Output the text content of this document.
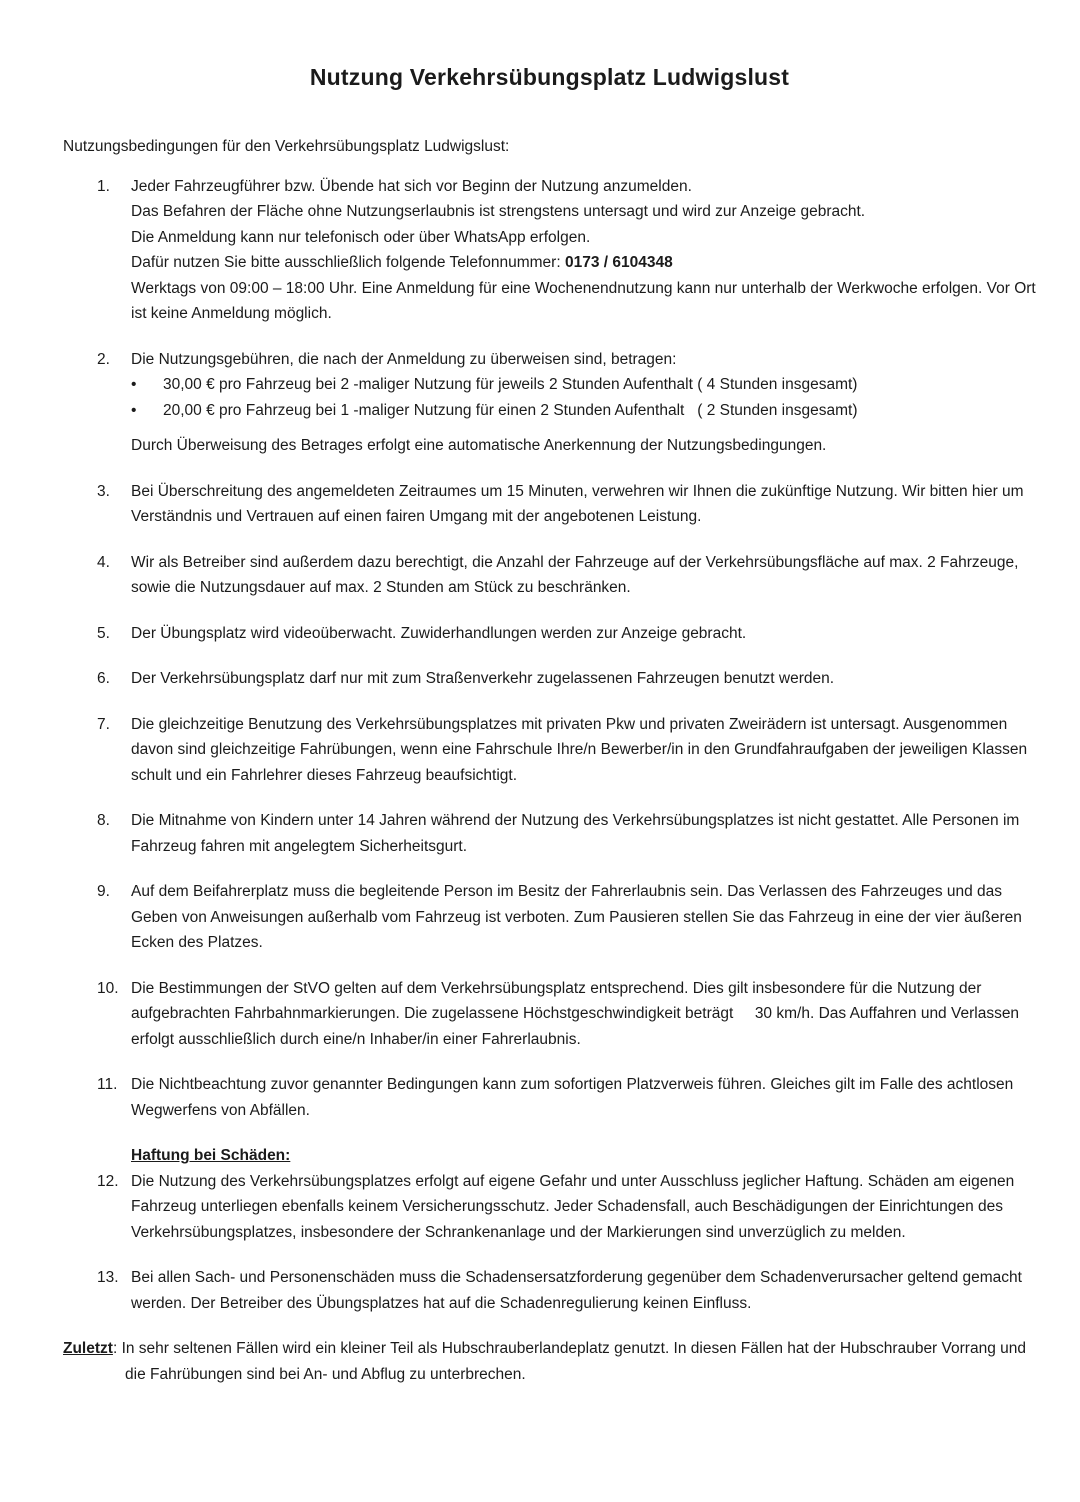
Nutzung Verkehrsübungsplatz Ludwigslust

Nutzungsbedingungen für den Verkehrsübungsplatz Ludwigslust:

1.	Jeder Fahrzeugführer bzw. Übende hat sich vor Beginn der Nutzung anzumelden.
Das Befahren der Fläche ohne Nutzungserlaubnis ist strengstens untersagt und wird zur Anzeige gebracht.
Die Anmeldung kann nur telefonisch oder über WhatsApp erfolgen.
Dafür nutzen Sie bitte ausschließlich folgende Telefonnummer: 0173 / 6104348
Werktags von 09:00 – 18:00 Uhr. Eine Anmeldung für eine Wochenendnutzung kann nur unterhalb der Werkwoche erfolgen. Vor Ort ist keine Anmeldung möglich.
2.	Die Nutzungsgebühren, die nach der Anmeldung zu überweisen sind, betragen:
•	30,00 € pro Fahrzeug bei 2 -maliger Nutzung für jeweils 2 Stunden Aufenthalt ( 4 Stunden insgesamt)
•	20,00 € pro Fahrzeug bei 1 -maliger Nutzung für einen 2 Stunden Aufenthalt   ( 2 Stunden insgesamt)
Durch Überweisung des Betrages erfolgt eine automatische Anerkennung der Nutzungsbedingungen.
3.	Bei Überschreitung des angemeldeten Zeitraumes um 15 Minuten, verwehren wir Ihnen die zukünftige Nutzung. Wir bitten hier um Verständnis und Vertrauen auf einen fairen Umgang mit der angebotenen Leistung.
4.	Wir als Betreiber sind außerdem dazu berechtigt, die Anzahl der Fahrzeuge auf der Verkehrsübungsfläche auf max. 2 Fahrzeuge, sowie die Nutzungsdauer auf max. 2 Stunden am Stück zu beschränken.
5.	Der Übungsplatz wird videoüberwacht. Zuwiderhandlungen werden zur Anzeige gebracht.
6.	Der Verkehrsübungsplatz darf nur mit zum Straßenverkehr zugelassenen Fahrzeugen benutzt werden.
7.	Die gleichzeitige Benutzung des Verkehrsübungsplatzes mit privaten Pkw und privaten Zweirädern ist untersagt. Ausgenommen davon sind gleichzeitige Fahrübungen, wenn eine Fahrschule Ihre/n Bewerber/in in den Grundfahraufgaben der jeweiligen Klassen schult und ein Fahrlehrer dieses Fahrzeug beaufsichtigt.
8.	Die Mitnahme von Kindern unter 14 Jahren während der Nutzung des Verkehrsübungsplatzes ist nicht gestattet. Alle Personen im Fahrzeug fahren mit angelegtem Sicherheitsgurt.
9.	Auf dem Beifahrerplatz muss die begleitende Person im Besitz der Fahrerlaubnis sein. Das Verlassen des Fahrzeuges und das Geben von Anweisungen außerhalb vom Fahrzeug ist verboten. Zum Pausieren stellen Sie das Fahrzeug in eine der vier äußeren Ecken des Platzes.
10. Die Bestimmungen der StVO gelten auf dem Verkehrsübungsplatz entsprechend. Dies gilt insbesondere für die Nutzung der aufgebrachten Fahrbahnmarkierungen. Die zugelassene Höchstgeschwindigkeit beträgt     30 km/h. Das Auffahren und Verlassen erfolgt ausschließlich durch eine/n Inhaber/in einer Fahrerlaubnis.
11. Die Nichtbeachtung zuvor genannter Bedingungen kann zum sofortigen Platzverweis führen. Gleiches gilt im Falle des achtlosen Wegwerfens von Abfällen.
Haftung bei Schäden:
12. Die Nutzung des Verkehrsübungsplatzes erfolgt auf eigene Gefahr und unter Ausschluss jeglicher Haftung. Schäden am eigenen Fahrzeug unterliegen ebenfalls keinem Versicherungsschutz. Jeder Schadensfall, auch Beschädigungen der Einrichtungen des Verkehrsübungsplatzes, insbesondere der Schrankenanlage und der Markierungen sind unverzüglich zu melden.
13. Bei allen Sach- und Personenschäden muss die Schadensersatzforderung gegenüber dem Schadenverursacher geltend gemacht werden. Der Betreiber des Übungsplatzes hat auf die Schadenregulierung keinen Einfluss.

Zuletzt: In sehr seltenen Fällen wird ein kleiner Teil als Hubschrauberlandeplatz genutzt. In diesen Fällen hat der Hubschrauber Vorrang und die Fahrübungen sind bei An- und Abflug zu unterbrechen.
